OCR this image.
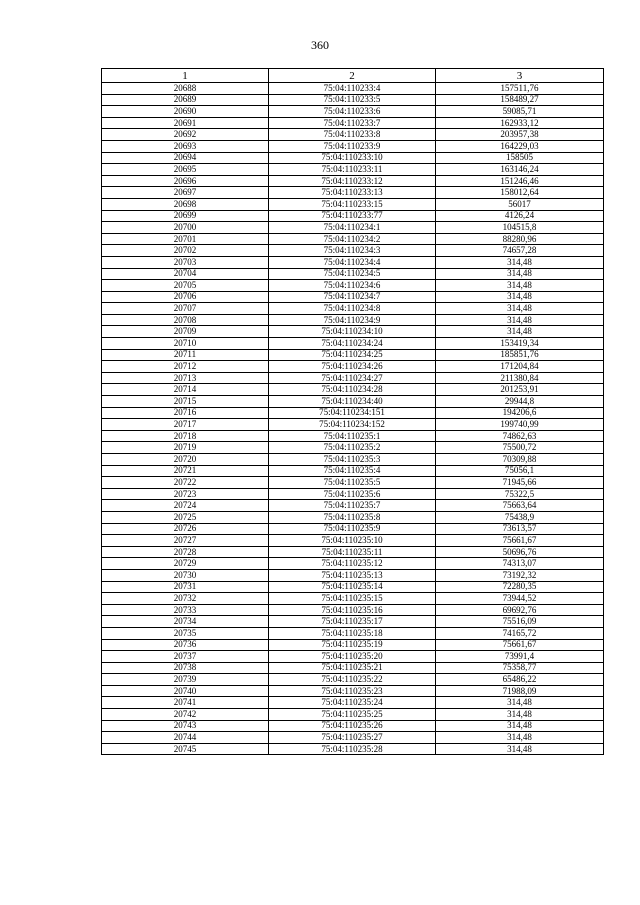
360
1	2	3
20688	75:04:110233:4	157511,76
20689	75:04:110233:5	158489,27
20690	75:04:110233:6	59085,71
20691	75:04:110233:7	162933,12
20692	75:04:110233:8	203957,38
20693	75:04:110233:9	164229,03
20694	75:04:110233:10	158505
20695	75:04:110233:11	163146,24
20696	75:04:110233:12	151246,46
20697	75:04:110233:13	158012,64
20698	75:04:110233:15	56017
20699	75:04:110233:77	4126,24
20700	75:04:110234:1	104515,8
20701	75:04:110234:2	88280,96
20702	75:04:110234:3	74657,28
20703	75:04:110234:4	314,48
20704	75:04:110234:5	314,48
20705	75:04:110234:6	314,48
20706	75:04:110234:7	314,48
20707	75:04:110234:8	314,48
20708	75:04:110234:9	314,48
20709	75:04:110234:10	314,48
20710	75:04:110234:24	153419,34
20711	75:04:110234:25	185851,76
20712	75:04:110234:26	171204,84
20713	75:04:110234:27	211380,84
20714	75:04:110234:28	201253,91
20715	75:04:110234:40	29944,8
20716	75:04:110234:151	194206,6
20717	75:04:110234:152	199740,99
20718	75:04:110235:1	74862,63
20719	75:04:110235:2	75500,72
20720	75:04:110235:3	70309,88
20721	75:04:110235:4	75056,1
20722	75:04:110235:5	71945,66
20723	75:04:110235:6	75322,5
20724	75:04:110235:7	75663,64
20725	75:04:110235:8	75438,9
20726	75:04:110235:9	73613,57
20727	75:04:110235:10	75661,67
20728	75:04:110235:11	50696,76
20729	75:04:110235:12	74313,07
20730	75:04:110235:13	73192,32
20731	75:04:110235:14	72280,35
20732	75:04:110235:15	73944,52
20733	75:04:110235:16	69692,76
20734	75:04:110235:17	75516,09
20735	75:04:110235:18	74165,72
20736	75:04:110235:19	75661,67
20737	75:04:110235:20	73991,4
20738	75:04:110235:21	75358,77
20739	75:04:110235:22	65486,22
20740	75:04:110235:23	71988,09
20741	75:04:110235:24	314,48
20742	75:04:110235:25	314,48
20743	75:04:110235:26	314,48
20744	75:04:110235:27	314,48
20745	75:04:110235:28	314,48
